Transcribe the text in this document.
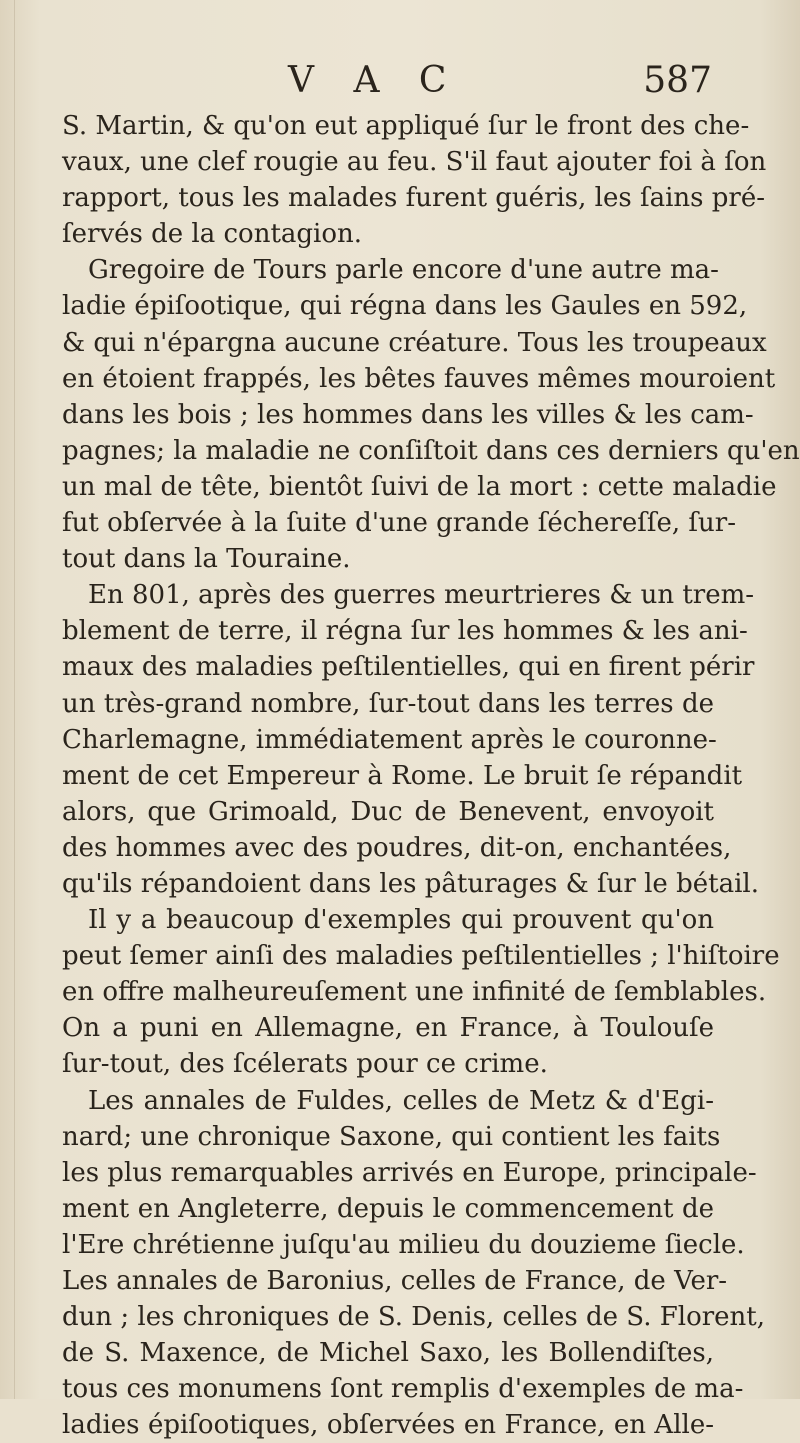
V A C	587
S. Martin, & qu'on eut appliqué ſur le front des che-
vaux, une clef rougie au feu. S'il faut ajouter foi à ſon
rapport, tous les malades furent guéris, les ſains pré-
ſervés de la contagion.
Gregoire de Tours parle encore d'une autre ma-
ladie épiſootique, qui régna dans les Gaules en 592,
& qui n'épargna aucune créature. Tous les troupeaux
en étoient frappés, les bêtes fauves mêmes mouroient
dans les bois ; les hommes dans les villes & les cam-
pagnes; la maladie ne conſiſtoit dans ces derniers qu'en
un mal de tête, bientôt ſuivi de la mort : cette maladie
fut obſervée à la ſuite d'une grande ſécherеſſe, ſur-
tout dans la Touraine.
En 801, après des guerres meurtrieres & un trem-
blement de terre, il régna ſur les hommes & les ani-
maux des maladies peſtilentielles, qui en firent périr
un très-grand nombre, ſur-tout dans les terres de
Charlemagne, immédiatement après le couronne-
ment de cet Empereur à Rome. Le bruit ſe répandit
alors, que Grimoald, Duc de Benevent, envoyoit
des hommes avec des poudres, dit-on, enchantées,
qu'ils répandoient dans les pâturages & ſur le bétail.
Il y a beaucoup d'exemples qui prouvent qu'on
peut ſemer ainſi des maladies peſtilentielles ; l'hiſtoire
en offre malheureuſement une infinité de ſemblables.
On a puni en Allemagne, en France, à Toulouſe
ſur-tout, des ſcélerats pour ce crime.
Les annales de Fuldes, celles de Metz & d'Egi-
nard; une chronique Saxone, qui contient les faits
les plus remarquables arrivés en Europe, principale-
ment en Angleterre, depuis le commencement de
l'Ere chrétienne juſqu'au milieu du douzieme ſiecle.
Les annales de Baronius, celles de France, de Ver-
dun ; les chroniques de S. Denis, celles de S. Florent,
de S. Maxence, de Michel Saxo, les Bollendiſtes,
tous ces monumens ſont remplis d'exemples de ma-
ladies épiſootiques, obſervées en France, en Alle-
